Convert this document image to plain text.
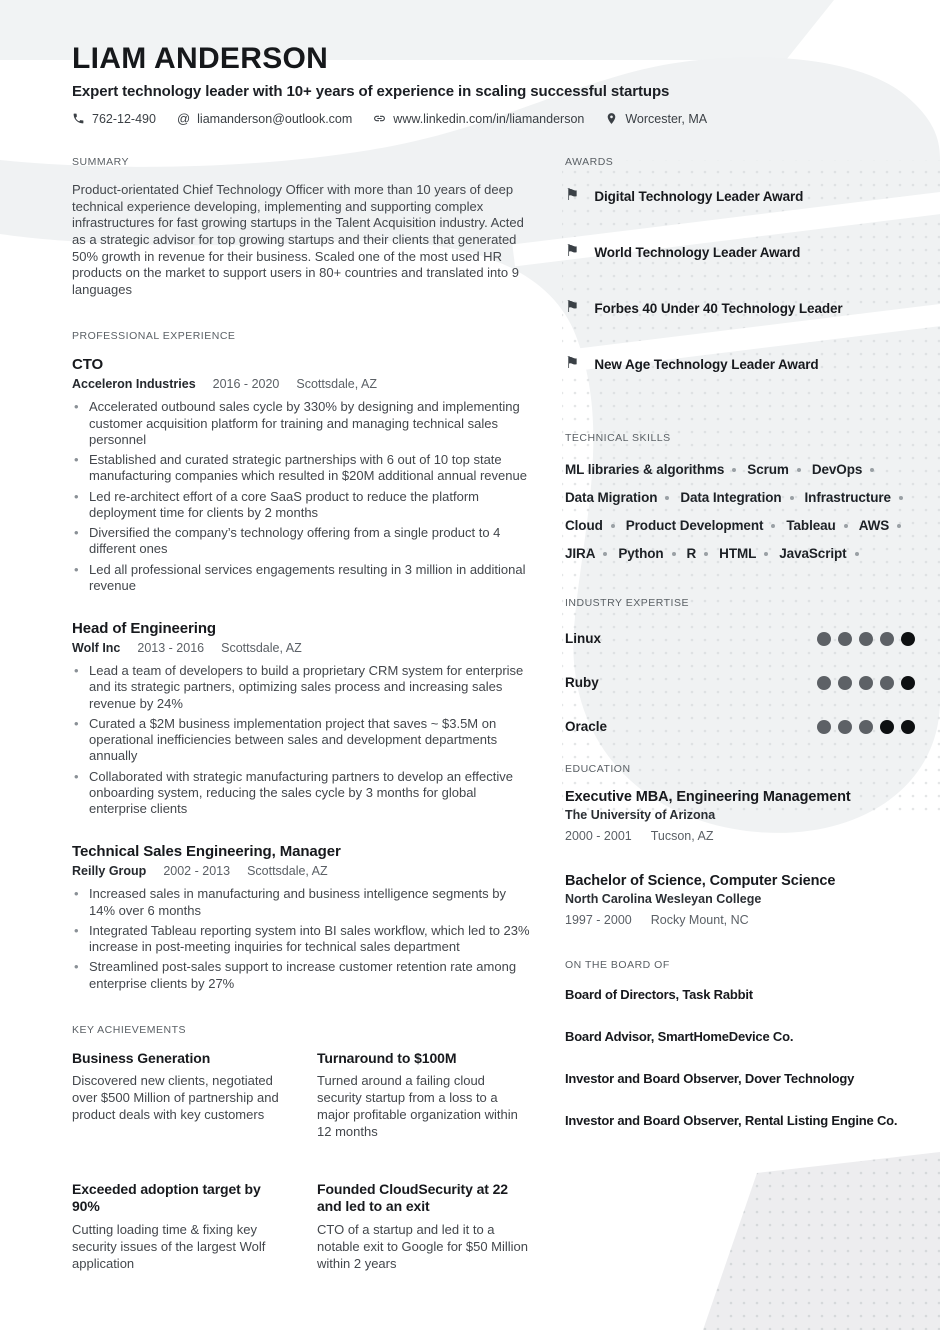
LIAM ANDERSON
Expert technology leader with 10+ years of experience in scaling successful startups
762-12-490 @ liamanderson@outlook.com	www.linkedin.com/in/liamanderson	Worcester, MA
SUMMARY

Product-orientated Chief Technology Officer with more than 10 years of deep technical experience developing, implementing and supporting complex infrastructures for fast growing startups in the Talent Acquisition industry. Acted as a strategic advisor for top growing startups and their clients that generated 50% growth in revenue for their business. Scaled one of the most used HR products on the market to support users in 80+ countries and translated into 9 languages

PROFESSIONAL EXPERIENCE
CTO
Acceleron Industries 2016 - 2020 Scottsdale, AZ
• Accelerated outbound sales cycle by 330% by designing and implementing customer acquisition platform for training and managing technical sales personnel
• Established and curated strategic partnerships with 6 out of 10 top state manufacturing companies which resulted in $20M additional annual revenue
• Led re-architect effort of a core SaaS product to reduce the platform deployment time for clients by 2 months
• Diversified the company’s technology offering from a single product to 4 different ones
• Led all professional services engagements resulting in 3 million in additional revenue
Head of Engineering
Wolf Inc 2013 - 2016 Scottsdale, AZ
• Lead a team of developers to build a proprietary CRM system for enterprise and its strategic partners, optimizing sales process and increasing sales revenue by 24%
• Curated a $2M business implementation project that saves ~ $3.5M on operational inefficiencies between sales and development departments annually
• Collaborated with strategic manufacturing partners to develop an effective onboarding system, reducing the sales cycle by 3 months for global enterprise clients
Technical Sales Engineering, Manager
Reilly Group 2002 - 2013 Scottsdale, AZ
• Increased sales in manufacturing and business intelligence segments by 14% over 6 months
• Integrated Tableau reporting system into BI sales workflow, which led to 23% increase in post-meeting inquiries for technical sales department
• Streamlined post-sales support to increase customer retention rate among enterprise clients by 27%
KEY ACHIEVEMENTS
Business Generation

Discovered new clients, negotiated over $500 Million of partnership and product deals with key customers

Turnaround to $100M

Turned around a failing cloud security startup from a loss to a major profitable organization within 12 months

Exceeded adoption target by 90%

Cutting loading time & fixing key security issues of the largest Wolf application

Founded CloudSecurity at 22 and led to an exit

CTO of a startup and led it to a notable exit to Google for $50 Million within 2 years

AWARDS
⚑ Digital Technology Leader Award
⚑ World Technology Leader Award
⚑ Forbes 40 Under 40 Technology Leader
⚑ New Age Technology Leader Award
TECHNICAL SKILLS
ML libraries & algorithms Scrum DevOps
Data Migration Data Integration Infrastructure
Cloud Product Development Tableau AWS
JIRA Python R HTML JavaScript
INDUSTRY EXPERTISE
Linux
Ruby
Oracle
EDUCATION
Executive MBA, Engineering Management
The University of Arizona
2000 - 2001 Tucson, AZ
Bachelor of Science, Computer Science
North Carolina Wesleyan College
1997 - 2000 Rocky Mount, NC
ON THE BOARD OF
Board of Directors, Task Rabbit
Board Advisor, SmartHomeDevice Co.
Investor and Board Observer, Dover Technology
Investor and Board Observer, Rental Listing Engine Co.
